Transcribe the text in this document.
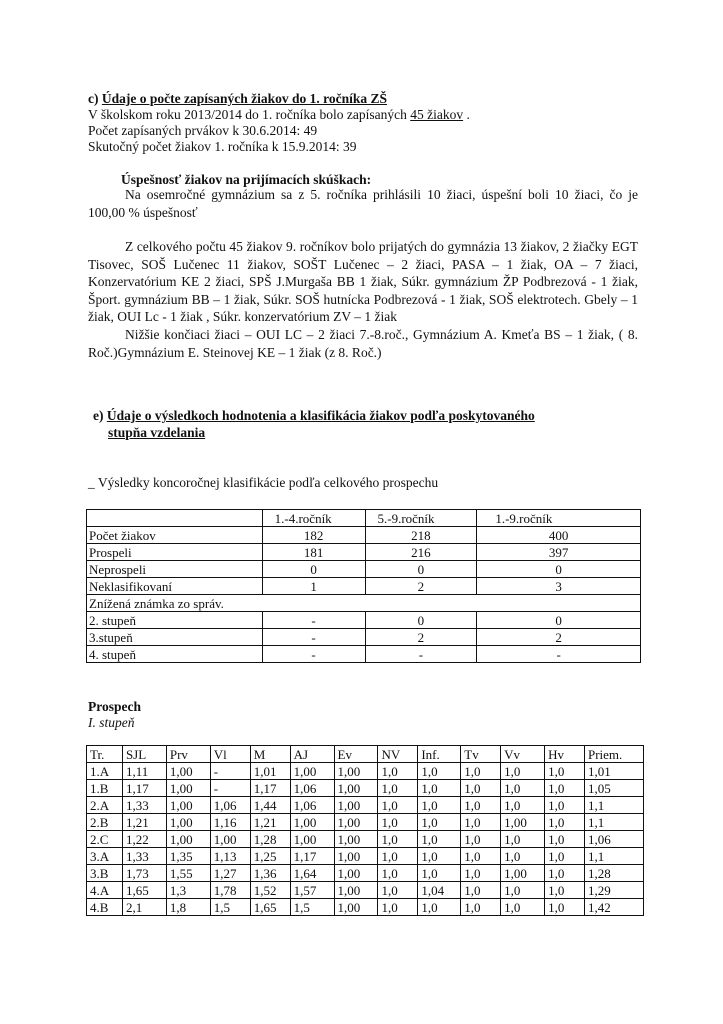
c) Údaje o počte zapísaných žiakov do 1. ročníka ZŠ
V školskom roku 2013/2014 do 1. ročníka bolo zapísaných 45 žiakov .
Počet zapísaných prvákov k 30.6.2014: 49
Skutočný počet žiakov 1. ročníka k 15.9.2014: 39
Úspešnosť žiakov na prijímacích skúškach:
Na osemročné gymnázium sa z 5. ročníka prihlásili 10 žiaci, úspešní boli 10 žiaci, čo je 100,00 % úspešnosť
Z celkového počtu 45 žiakov 9. ročníkov bolo prijatých do gymnázia 13 žiakov, 2 žiačky EGT Tisovec, SOŠ Lučenec 11 žiakov, SOŠT Lučenec – 2 žiaci, PASA – 1 žiak, OA – 7 žiaci, Konzervatórium KE 2 žiaci, SPŠ J.Murgaša BB 1 žiak, Súkr. gymnázium ŽP Podbrezová - 1 žiak, Šport. gymnázium BB – 1 žiak, Súkr. SOŠ hutnícka Podbrezová - 1 žiak, SOŠ elektrotech. Gbely – 1 žiak, OUI Lc - 1 žiak , Súkr. konzervatórium ZV – 1 žiak
Nižšie končiaci žiaci – OUI LC – 2 žiaci 7.-8.roč., Gymnázium A. Kmeťa BS – 1 žiak, ( 8. Roč.)Gymnázium E. Steinovej KE – 1 žiak (z 8. Roč.)
e) Údaje o výsledkoch hodnotenia a klasifikácia žiakov podľa poskytovaného
stupňa vzdelania
_ Výsledky koncoročnej klasifikácie podľa celkového prospechu
	1.-4.ročník	5.-9.ročník	1.-9.ročník
Počet žiakov	182	218	400
Prospeli	181	216	397
Neprospeli	0	0	0
Neklasifikovaní	1	2	3
Znížená známka zo správ.			
2. stupeň	-	0	0
3.stupeň	-	2	2
4. stupeň	-	-	-
Prospech
I. stupeň
Tr.	SJL	Prv	Vl	M	AJ	Ev	NV	Inf.	Tv	Vv	Hv	Priem.
1.A	1,11	1,00	-	1,01	1,00	1,00	1,0	1,0	1,0	1,0	1,0	1,01
1.B	1,17	1,00	-	1,17	1,06	1,00	1,0	1,0	1,0	1,0	1,0	1,05
2.A	1,33	1,00	1,06	1,44	1,06	1,00	1,0	1,0	1,0	1,0	1,0	1,1
2.B	1,21	1,00	1,16	1,21	1,00	1,00	1,0	1,0	1,0	1,00	1,0	1,1
2.C	1,22	1,00	1,00	1,28	1,00	1,00	1,0	1,0	1,0	1,0	1,0	1,06
3.A	1,33	1,35	1,13	1,25	1,17	1,00	1,0	1,0	1,0	1,0	1,0	1,1
3.B	1,73	1,55	1,27	1,36	1,64	1,00	1,0	1,0	1,0	1,00	1,0	1,28
4.A	1,65	1,3	1,78	1,52	1,57	1,00	1,0	1,04	1,0	1,0	1,0	1,29
4.B	2,1	1,8	1,5	1,65	1,5	1,00	1,0	1,0	1,0	1,0	1,0	1,42
